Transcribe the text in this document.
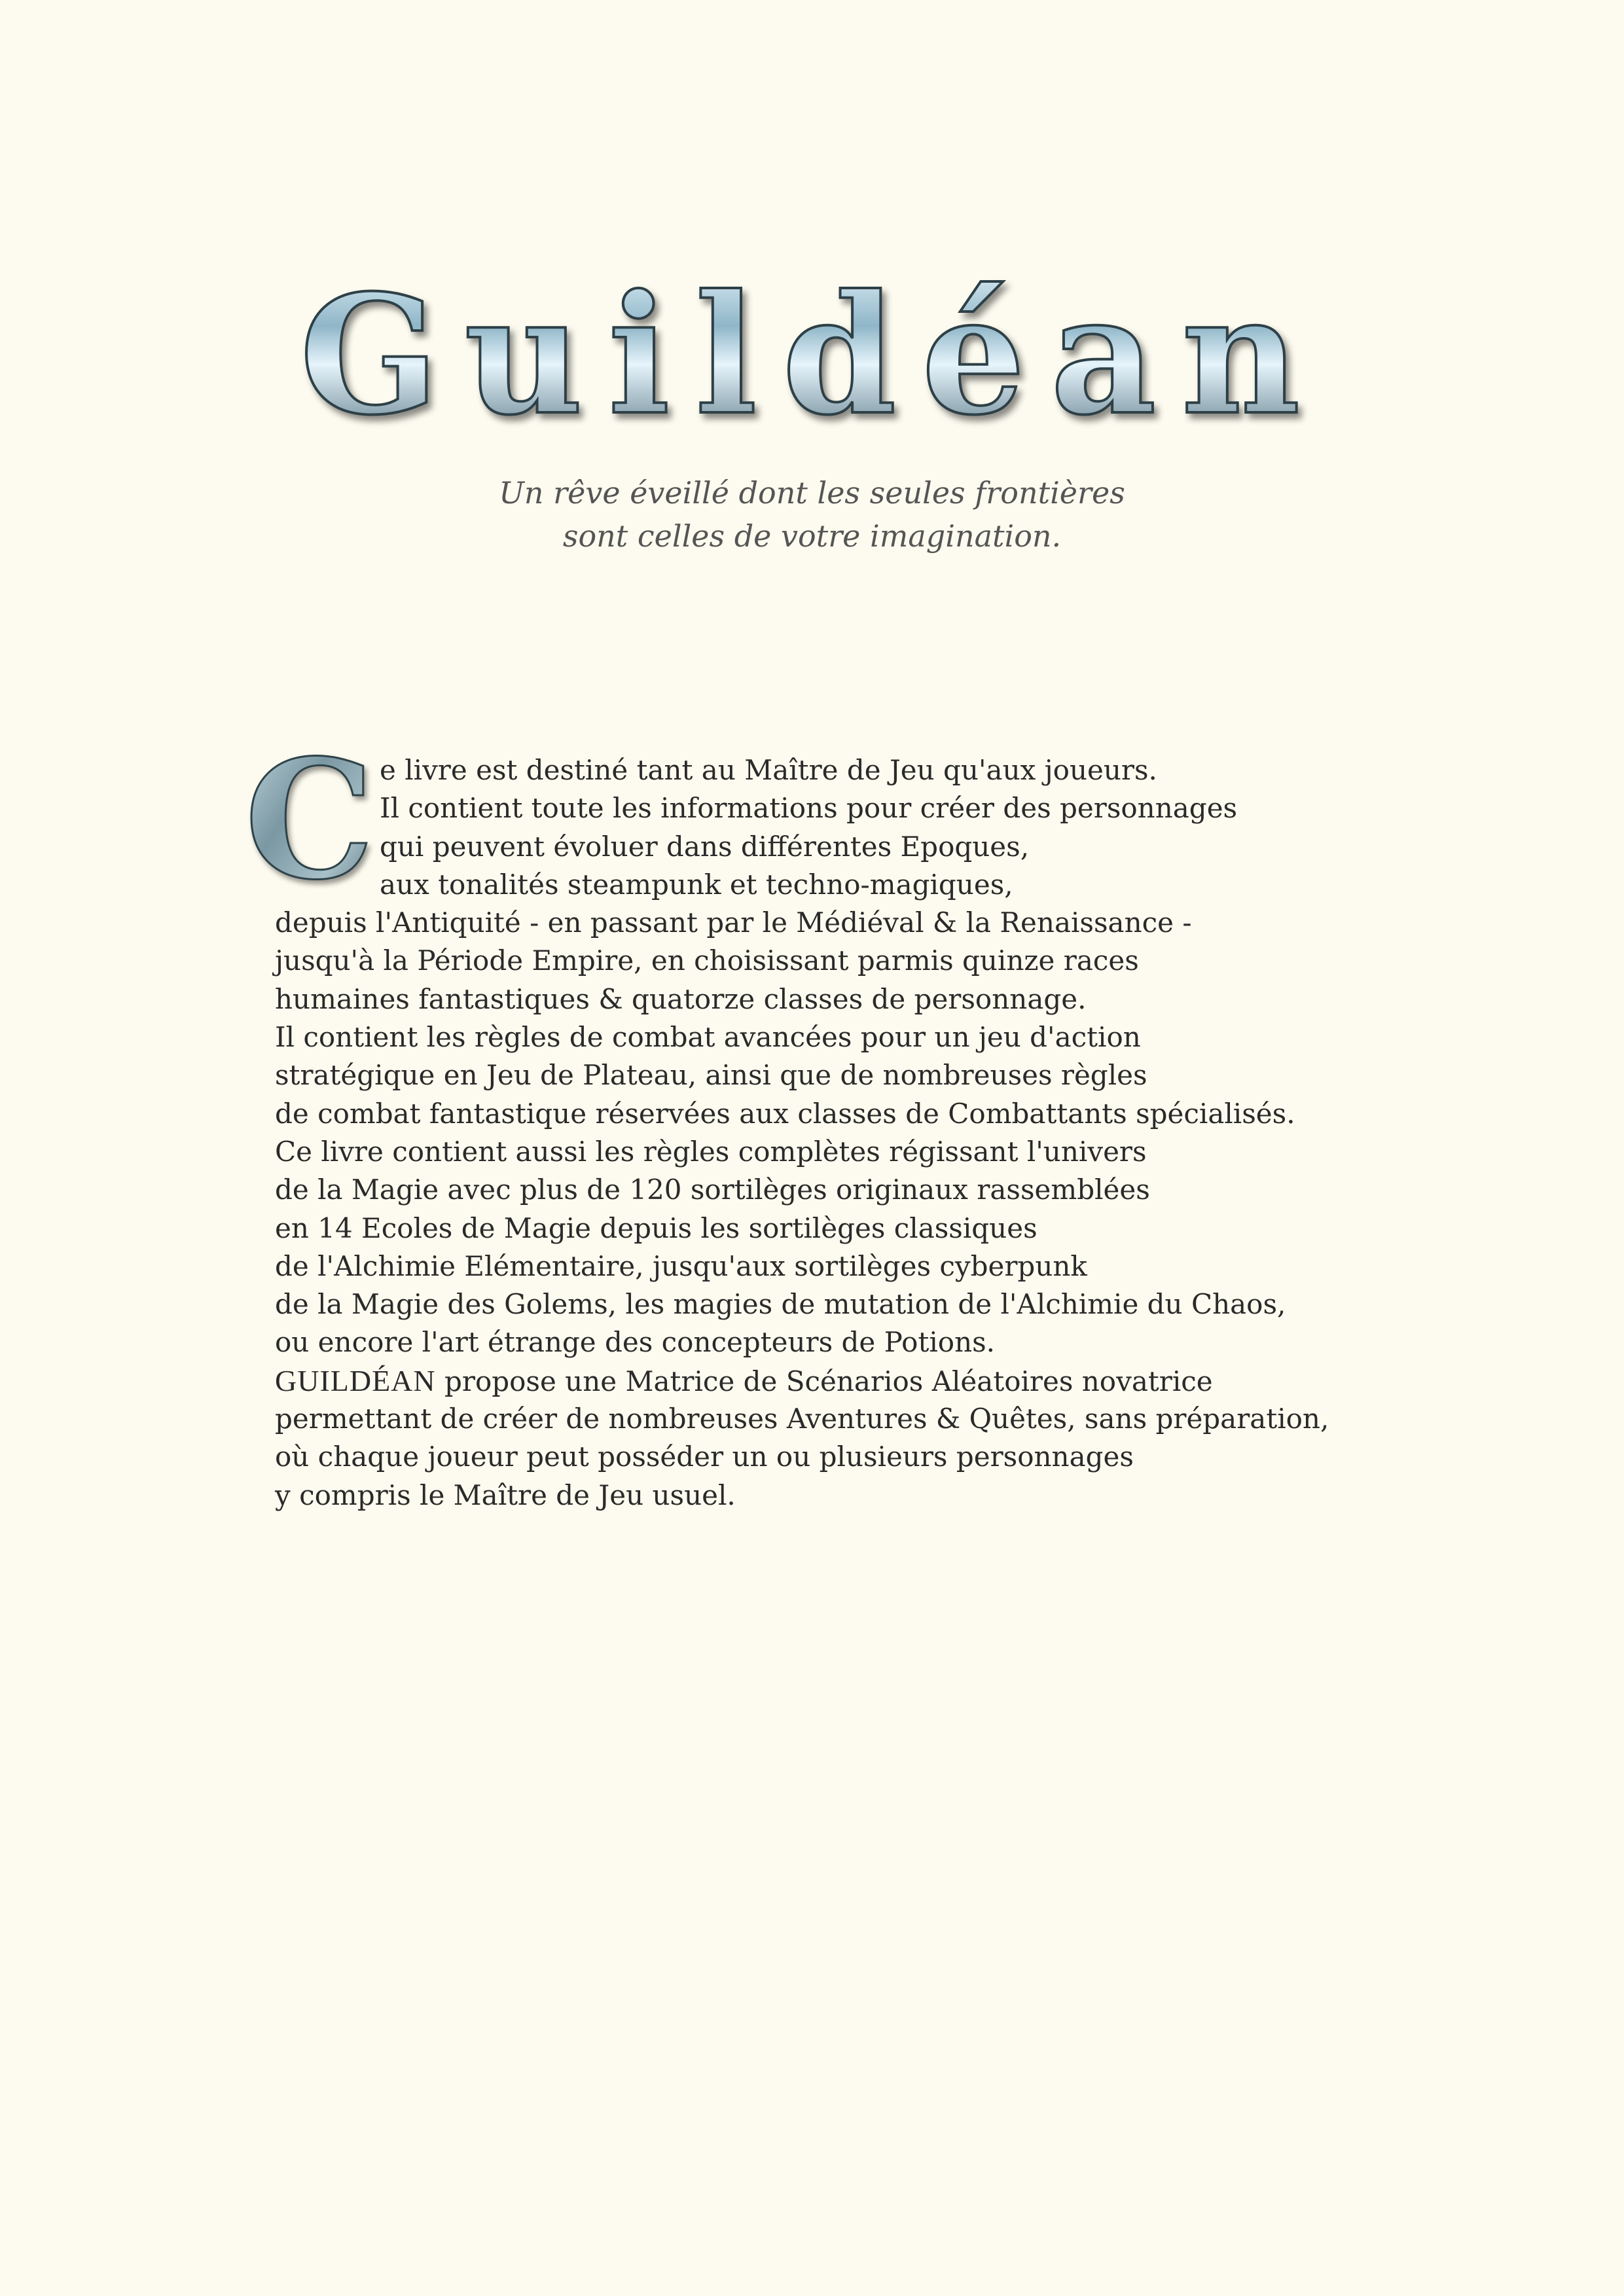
Guildéan
Un rêve éveillé dont les seules frontières
sont celles de votre imagination.
C e livre est destiné tant au Maître de Jeu qu'aux joueurs.
Il contient toute les informations pour créer des personnages
qui peuvent évoluer dans différentes Epoques,
aux tonalités steampunk et techno-magiques,
depuis l'Antiquité - en passant par le Médiéval & la Renaissance -
jusqu'à la Période Empire, en choisissant parmis quinze races
humaines fantastiques & quatorze classes de personnage.
Il contient les règles de combat avancées pour un jeu d'action
stratégique en Jeu de Plateau, ainsi que de nombreuses règles
de combat fantastique réservées aux classes de Combattants spécialisés.
Ce livre contient aussi les règles complètes régissant l'univers
de la Magie avec plus de 120 sortilèges originaux rassemblées
en 14 Ecoles de Magie depuis les sortilèges classiques
de l'Alchimie Elémentaire, jusqu'aux sortilèges cyberpunk
de la Magie des Golems, les magies de mutation de l'Alchimie du Chaos,
ou encore l'art étrange des concepteurs de Potions.
GUILDÉAN propose une Matrice de Scénarios Aléatoires novatrice
permettant de créer de nombreuses Aventures & Quêtes, sans préparation,
où chaque joueur peut posséder un ou plusieurs personnages
y compris le Maître de Jeu usuel.
